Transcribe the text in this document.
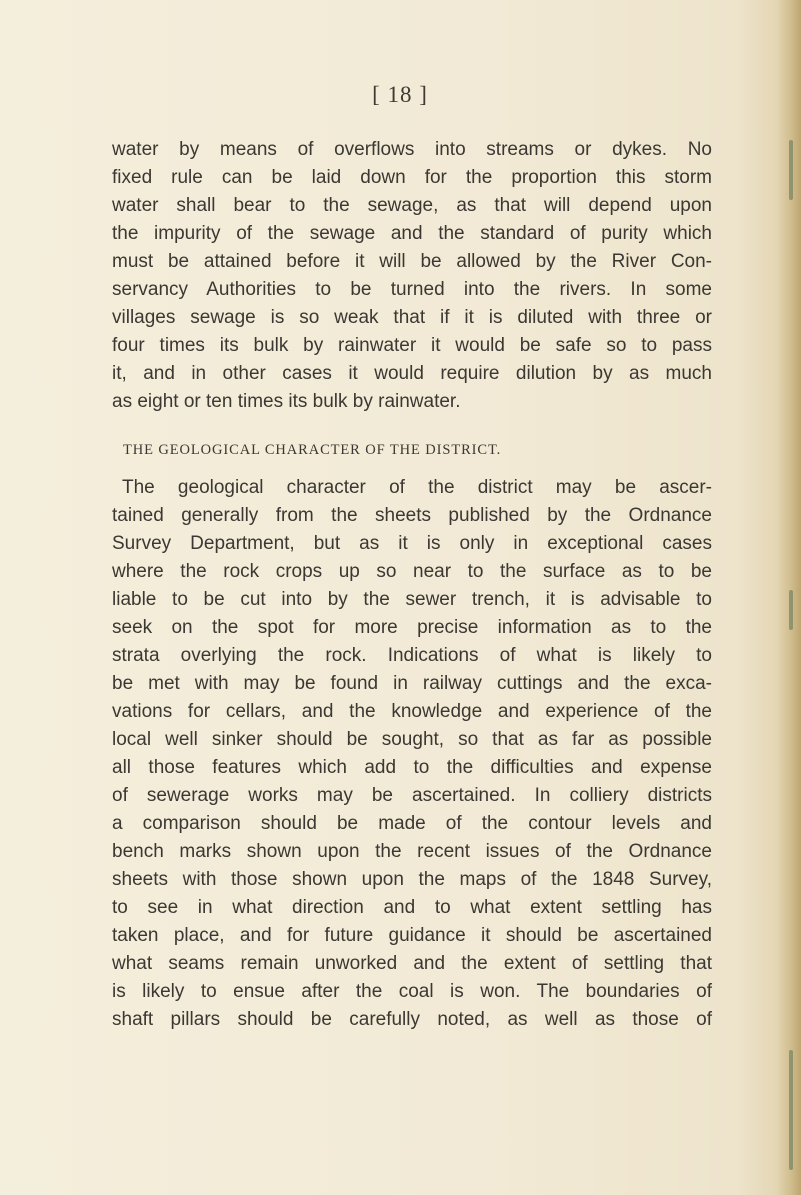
[ 18 ]
water by means of overflows into streams or dykes. No
fixed rule can be laid down for the proportion this storm
water shall bear to the sewage, as that will depend upon
the impurity of the sewage and the standard of purity which
must be attained before it will be allowed by the River Con-
servancy Authorities to be turned into the rivers. In some
villages sewage is so weak that if it is diluted with three or
four times its bulk by rainwater it would be safe so to pass
it, and in other cases it would require dilution by as much
as eight or ten times its bulk by rainwater.
THE GEOLOGICAL CHARACTER OF THE DISTRICT.
The geological character of the district may be ascer-
tained generally from the sheets published by the Ordnance
Survey Department, but as it is only in exceptional cases
where the rock crops up so near to the surface as to be
liable to be cut into by the sewer trench, it is advisable to
seek on the spot for more precise information as to the
strata overlying the rock. Indications of what is likely to
be met with may be found in railway cuttings and the exca-
vations for cellars, and the knowledge and experience of the
local well sinker should be sought, so that as far as possible
all those features which add to the difficulties and expense
of sewerage works may be ascertained. In colliery districts
a comparison should be made of the contour levels and
bench marks shown upon the recent issues of the Ordnance
sheets with those shown upon the maps of the 1848 Survey,
to see in what direction and to what extent settling has
taken place, and for future guidance it should be ascertained
what seams remain unworked and the extent of settling that
is likely to ensue after the coal is won. The boundaries of
shaft pillars should be carefully noted, as well as those of
